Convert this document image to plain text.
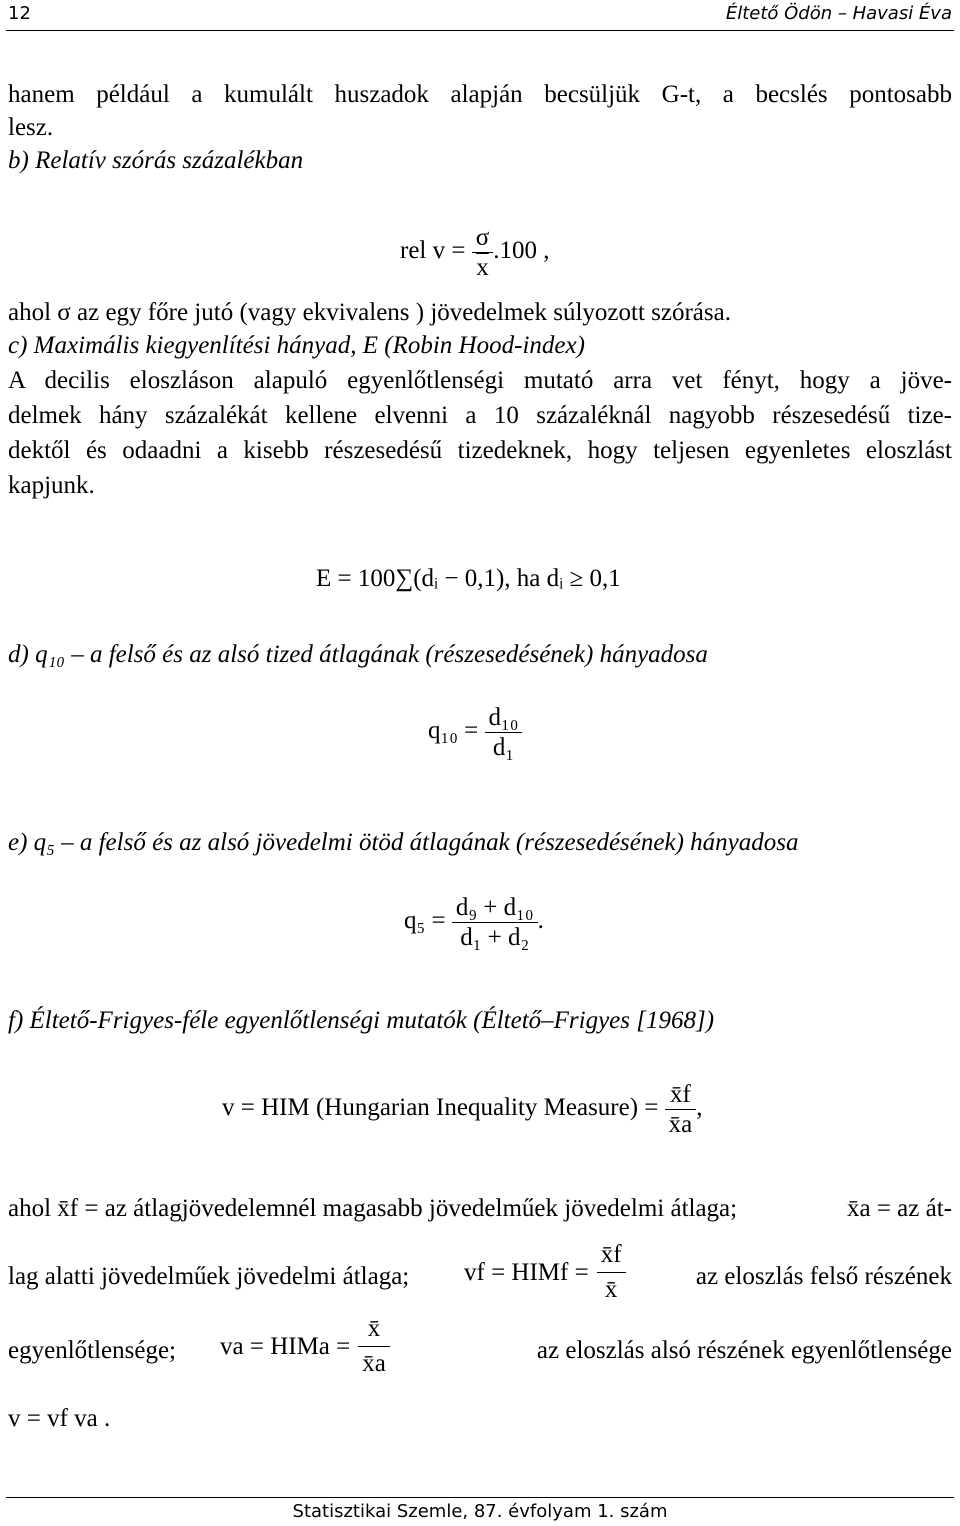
12	Éltető Ödön – Havasi Éva
hanem például a kumulált huszadok alapján becsüljük G-t, a becslés pontosabb
lesz.
b) Relatív szórás százalékban
rel $v = \frac{\sigma}{x} .100$ ,
ahol σ az egy főre jutó (vagy ekvivalens ) jövedelmek súlyozott szórása.
c) Maximális kiegyenlítési hányad, E (Robin Hood-index)
A decilis eloszláson alapuló egyenlőtlenségi mutató arra vet fényt, hogy a jöve-
delmek hány százalékát kellene elvenni a 10 százaléknál nagyobb részesedésű tize-
dektől és odaadni a kisebb részesedésű tizedeknek, hogy teljesen egyenletes eloszlást
kapjunk.
E = 100∑(dᵢ − 0,1), ha dᵢ ≥ 0,1
d) q₁₀ – a felső és az alsó tized átlagának (részesedésének) hányadosa
$q_{10} = \frac{\text{d₁₀}}{\text{d₁}}$
e) q₅ – a felső és az alsó jövedelmi ötöd átlagának (részesedésének) hányadosa
$q_5 = \frac{\text{d₉ + d₁₀}}{\text{d₁ + d₂}}$ .
f) Éltető-Frigyes-féle egyenlőtlenségi mutatók (Éltető–Frigyes [1968])
v = HIM (Hungarian Inequality Measure) = $\frac{x̄f}{x̄a}$ ,
ahol x̄f = az átlagjövedelemnél magasabb jövedelműek jövedelmi átlaga;	x̄a = az át-
lag alatti jövedelműek jövedelmi átlaga; vf = HIMf = $\frac{x̄f}{x̄}$	az eloszlás felső részének
egyenlőtlensége; va = HIMa = $\frac{x̄}{x̄a}$	az eloszlás alsó részének egyenlőtlensége
v = vf va .
Statisztikai Szemle, 87. évfolyam 1. szám
